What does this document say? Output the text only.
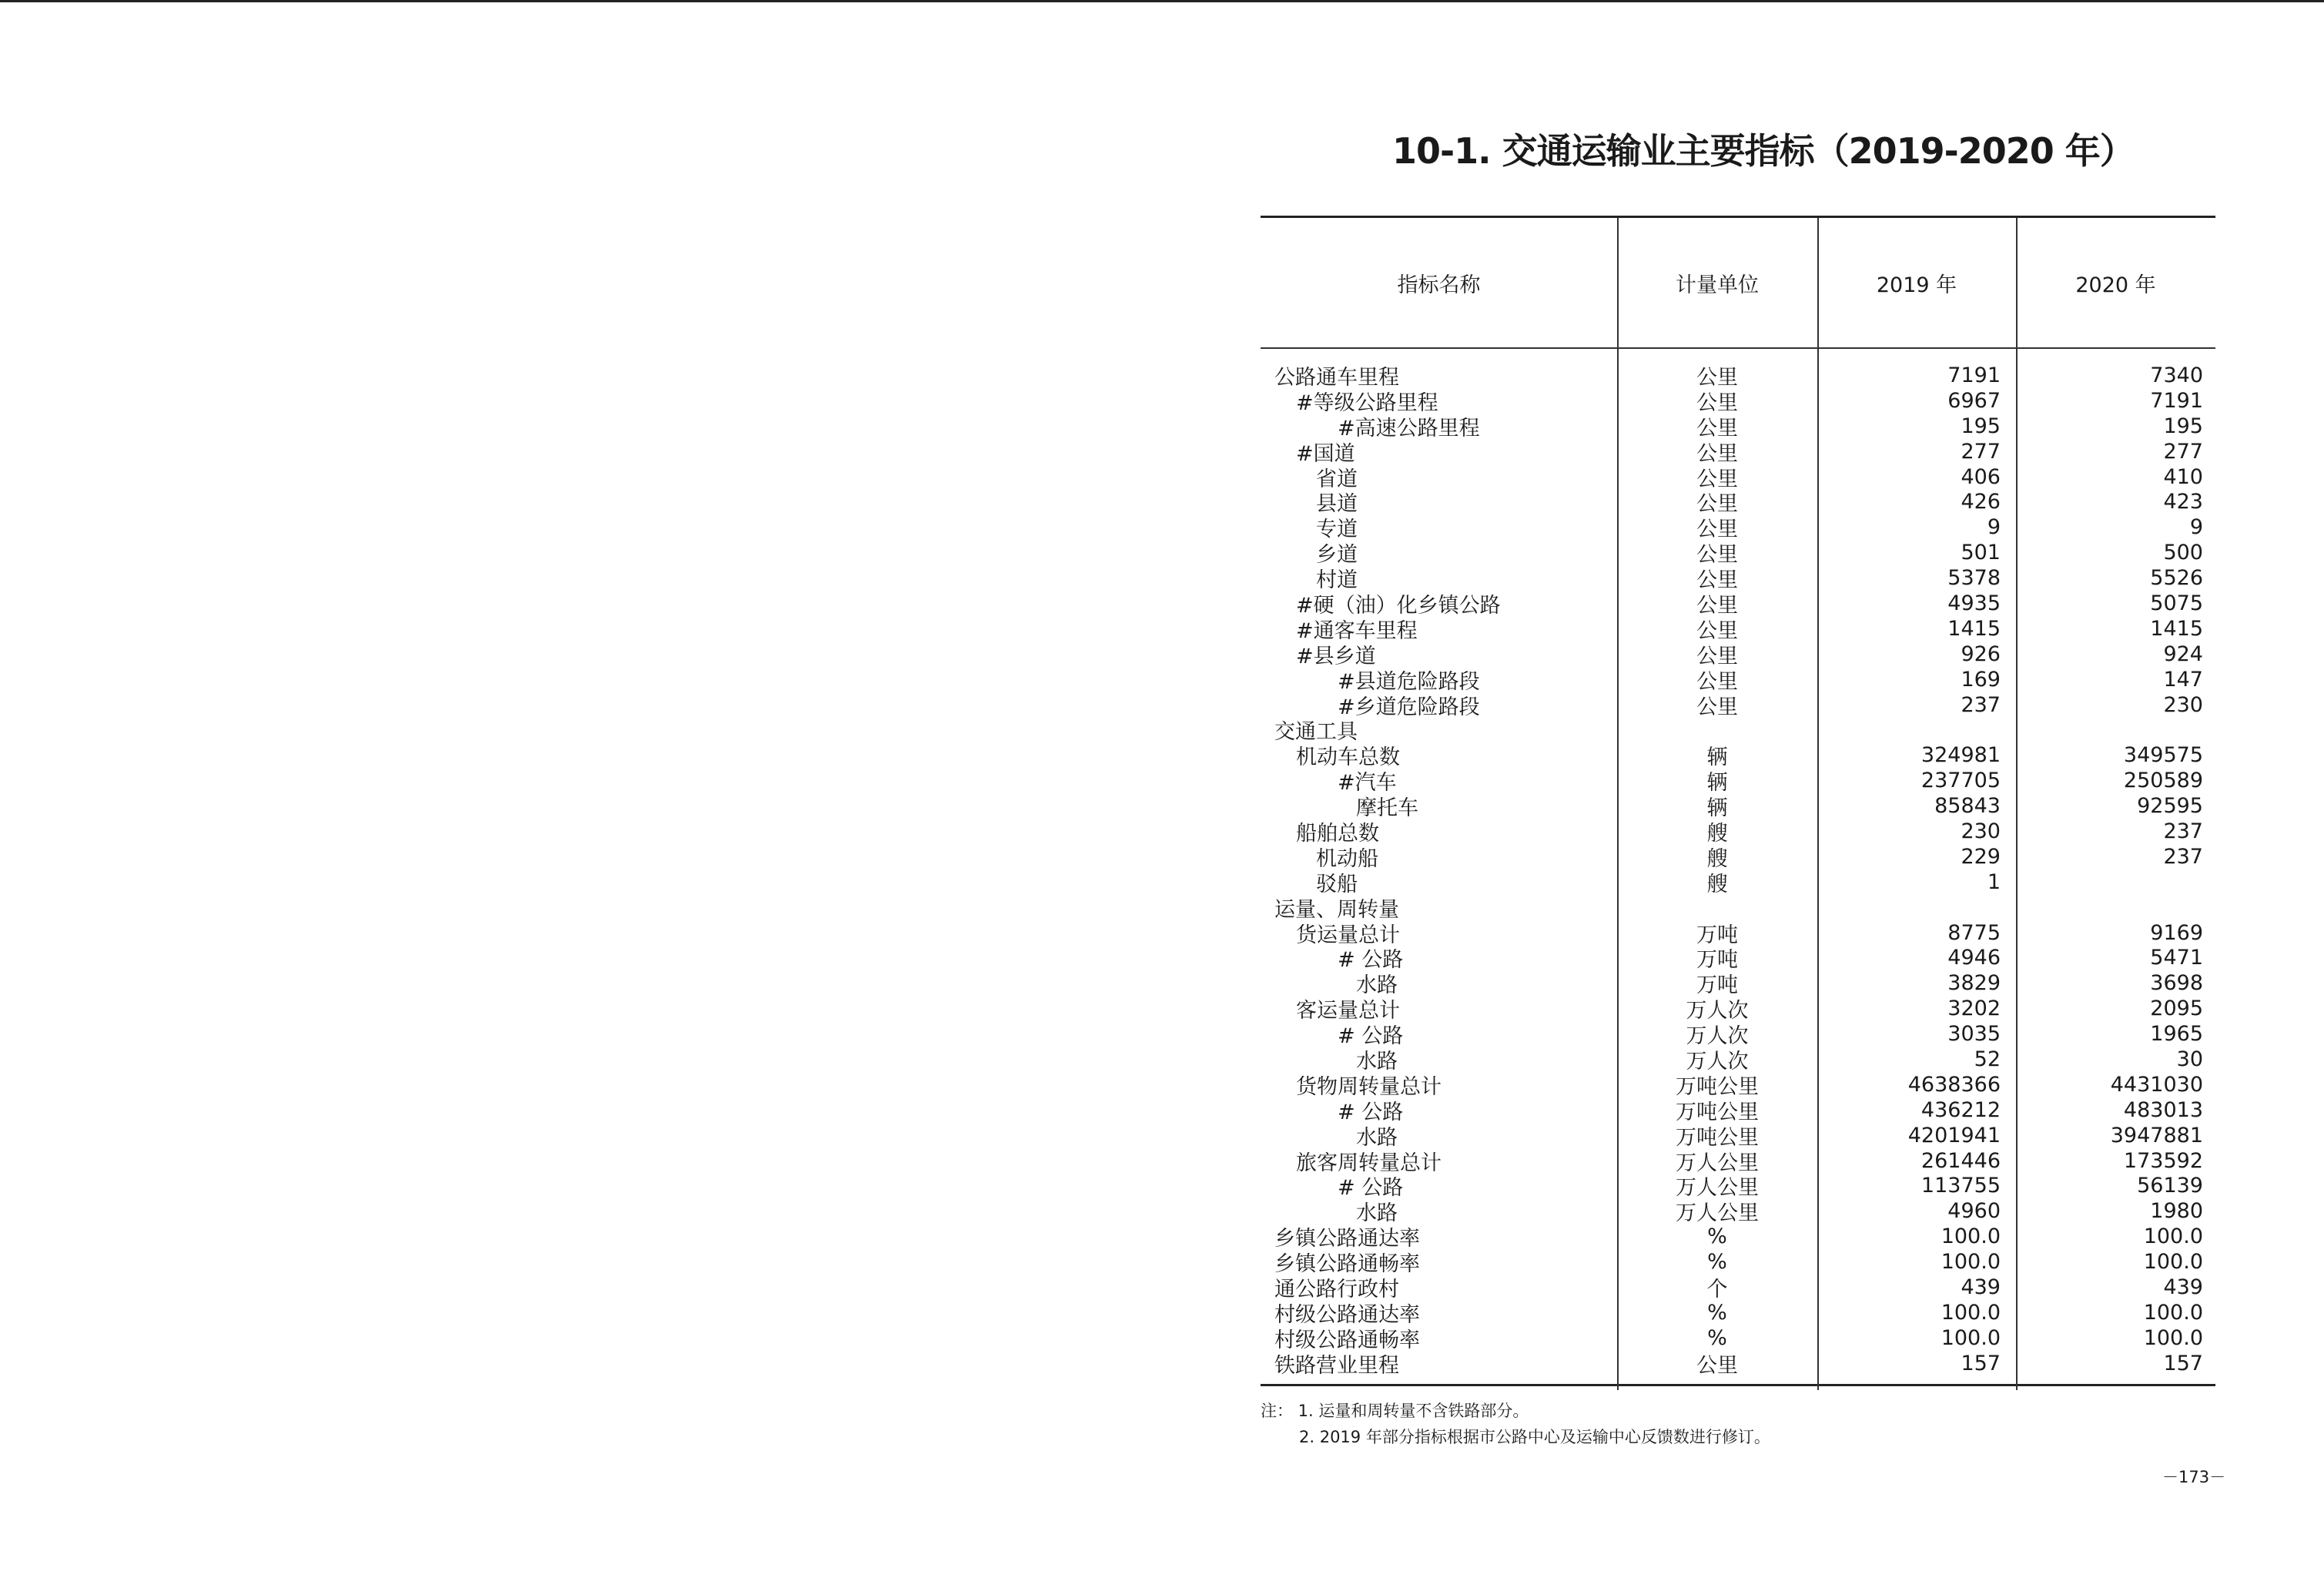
10-1. 交通运输业主要指标（2019-2020 年）
指标名称	计量单位	2019 年	2020 年
公路通车里程	公里	7191	7340
#等级公路里程	公里	6967	7191
#高速公路里程	公里	195	195
#国道	公里	277	277
省道	公里	406	410
县道	公里	426	423
专道	公里	9	9
乡道	公里	501	500
村道	公里	5378	5526
#硬（油）化乡镇公路	公里	4935	5075
#通客车里程	公里	1415	1415
#县乡道	公里	926	924
#县道危险路段	公里	169	147
#乡道危险路段	公里	237	230
交通工具
机动车总数	辆	324981	349575
#汽车	辆	237705	250589
摩托车	辆	85843	92595
船舶总数	艘	230	237
机动船	艘	229	237
驳船	艘	1
运量、周转量
货运量总计	万吨	8775	9169
# 公路	万吨	4946	5471
水路	万吨	3829	3698
客运量总计	万人次	3202	2095
# 公路	万人次	3035	1965
水路	万人次	52	30
货物周转量总计	万吨公里	4638366	4431030
# 公路	万吨公里	436212	483013
水路	万吨公里	4201941	3947881
旅客周转量总计	万人公里	261446	173592
# 公路	万人公里	113755	56139
水路	万人公里	4960	1980
乡镇公路通达率	%	100.0	100.0
乡镇公路通畅率	%	100.0	100.0
通公路行政村	个	439	439
村级公路通达率	%	100.0	100.0
村级公路通畅率	%	100.0	100.0
铁路营业里程	公里	157	157
注： 1. 运量和周转量不含铁路部分。
2. 2019 年部分指标根据市公路中心及运输中心反馈数进行修订。
－173－
